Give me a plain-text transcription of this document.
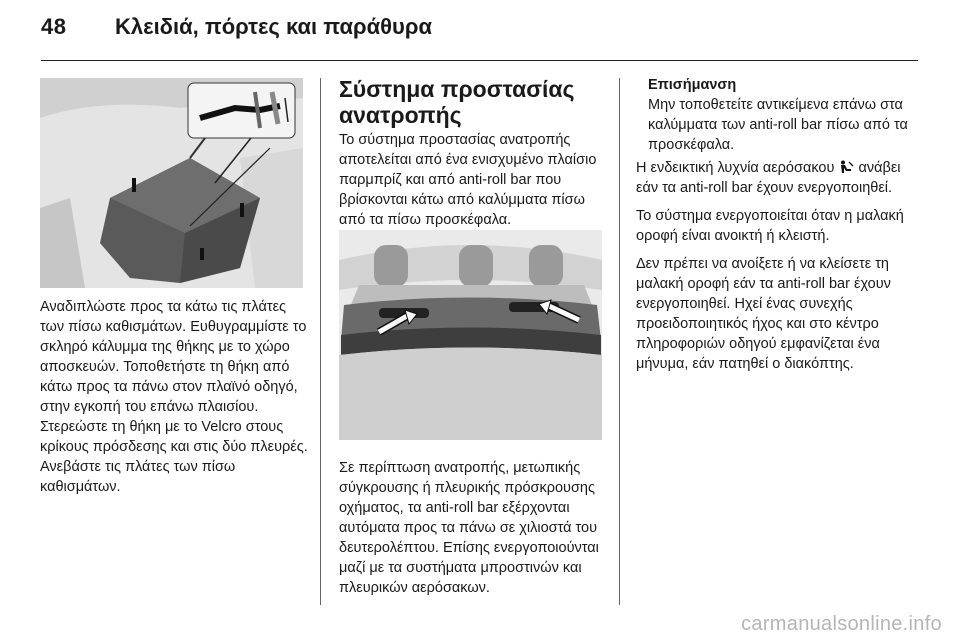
48 Κλειδιά, πόρτες και παράθυρα
Αναδιπλώστε προς τα κάτω τις πλάτες των πίσω καθισμάτων. Ευθυγραμμίστε το σκληρό κάλυμμα της θήκης με το χώρο αποσκευών. Τοποθετήστε τη θήκη από κάτω προς τα πάνω στον πλαϊνό οδηγό, στην εγκοπή του επάνω πλαισίου. Στερεώστε τη θήκη με το Velcro στους κρίκους πρόσδεσης και στις δύο πλευρές. Ανεβάστε τις πλάτες των πίσω καθισμάτων.
Σύστημα προστασίας ανατροπής
Το σύστημα προστασίας ανατροπής αποτελείται από ένα ενισχυμένο πλαίσιο παρμπρίζ και από anti-roll bar που βρίσκονται κάτω από καλύμματα πίσω από τα πίσω προσκέφαλα.
Σε περίπτωση ανατροπής, μετωπικής σύγκρουσης ή πλευρικής πρόσκρουσης οχήματος, τα anti-roll bar εξέρχονται αυτόματα προς τα πάνω σε χιλιοστά του δευτερολέπτου. Επίσης ενεργοποιούνται μαζί με τα συστήματα μπροστινών και πλευρικών αερόσακων.
Επισήμανση
Μην τοποθετείτε αντικείμενα επάνω στα καλύμματα των anti-roll bar πίσω από τα προσκέφαλα.

Η ενδεικτική λυχνία αερόσακου ανάβει εάν τα anti-roll bar έχουν ενεργοποιηθεί.

Το σύστημα ενεργοποιείται όταν η μαλακή οροφή είναι ανοικτή ή κλειστή.

Δεν πρέπει να ανοίξετε ή να κλείσετε τη μαλακή οροφή εάν τα anti-roll bar έχουν ενεργοποιηθεί. Ηχεί ένας συνεχής προειδοποιητικός ήχος και στο κέντρο πληροφοριών οδηγού εμφανίζεται ένα μήνυμα, εάν πατηθεί ο διακόπτης.

carmanualsonline.info
